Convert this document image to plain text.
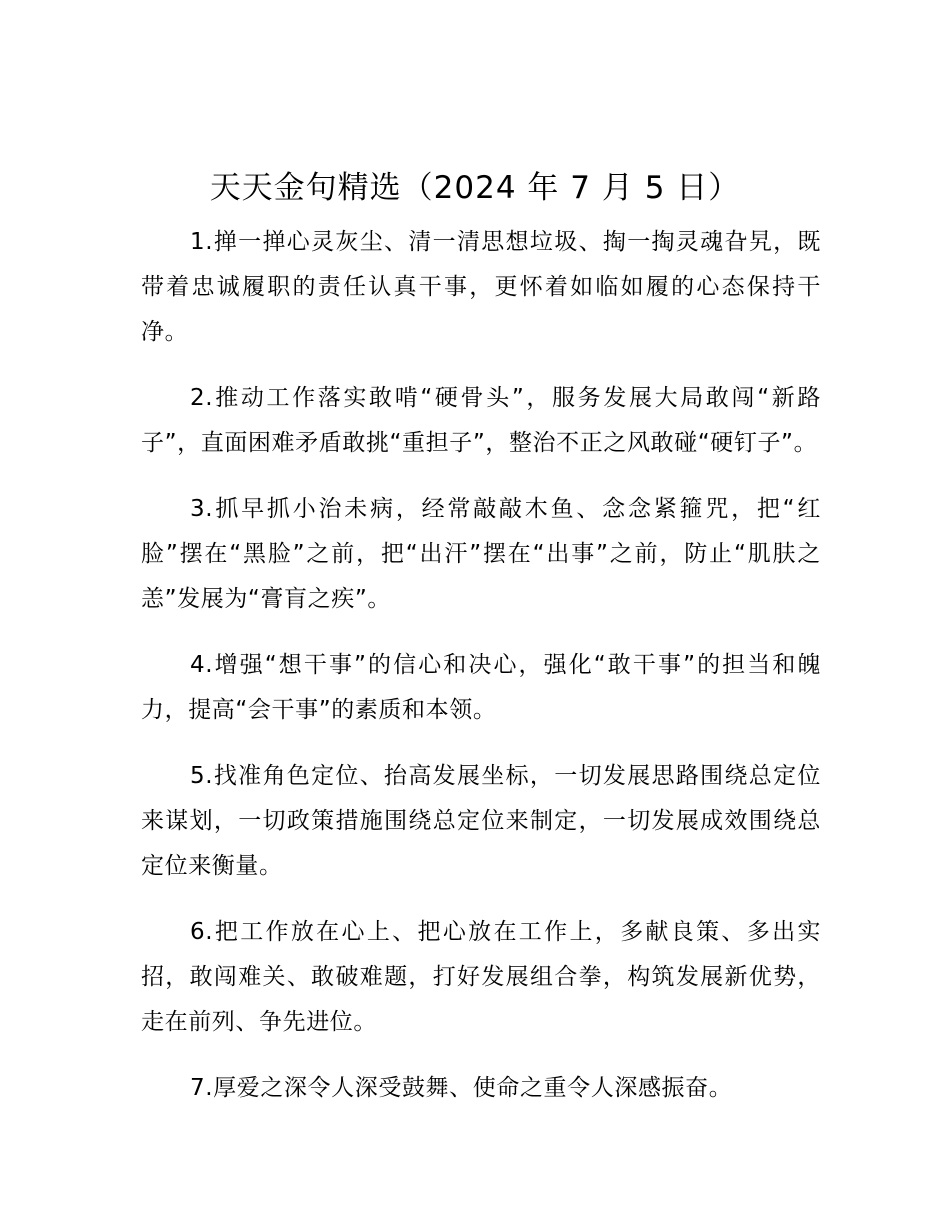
天天金句精选（2024 年 7 月 5 日）

1.掸一掸心灵灰尘、清一清思想垃圾、掏一掏灵魂旮旯，既带着忠诚履职的责任认真干事，更怀着如临如履的心态保持干净。

2.推动工作落实敢啃“硬骨头”，服务发展大局敢闯“新路子”，直面困难矛盾敢挑“重担子”，整治不正之风敢碰“硬钉子”。

3.抓早抓小治未病，经常敲敲木鱼、念念紧箍咒，把“红脸”摆在“黑脸”之前，把“出汗”摆在“出事”之前，防止“肌肤之恙”发展为“膏肓之疾”。

4.增强“想干事”的信心和决心，强化“敢干事”的担当和魄力，提高“会干事”的素质和本领。

5.找准角色定位、抬高发展坐标，一切发展思路围绕总定位来谋划，一切政策措施围绕总定位来制定，一切发展成效围绕总定位来衡量。

6.把工作放在心上、把心放在工作上，多献良策、多出实招，敢闯难关、敢破难题，打好发展组合拳，构筑发展新优势，走在前列、争先进位。

7.厚爱之深令人深受鼓舞、使命之重令人深感振奋。
